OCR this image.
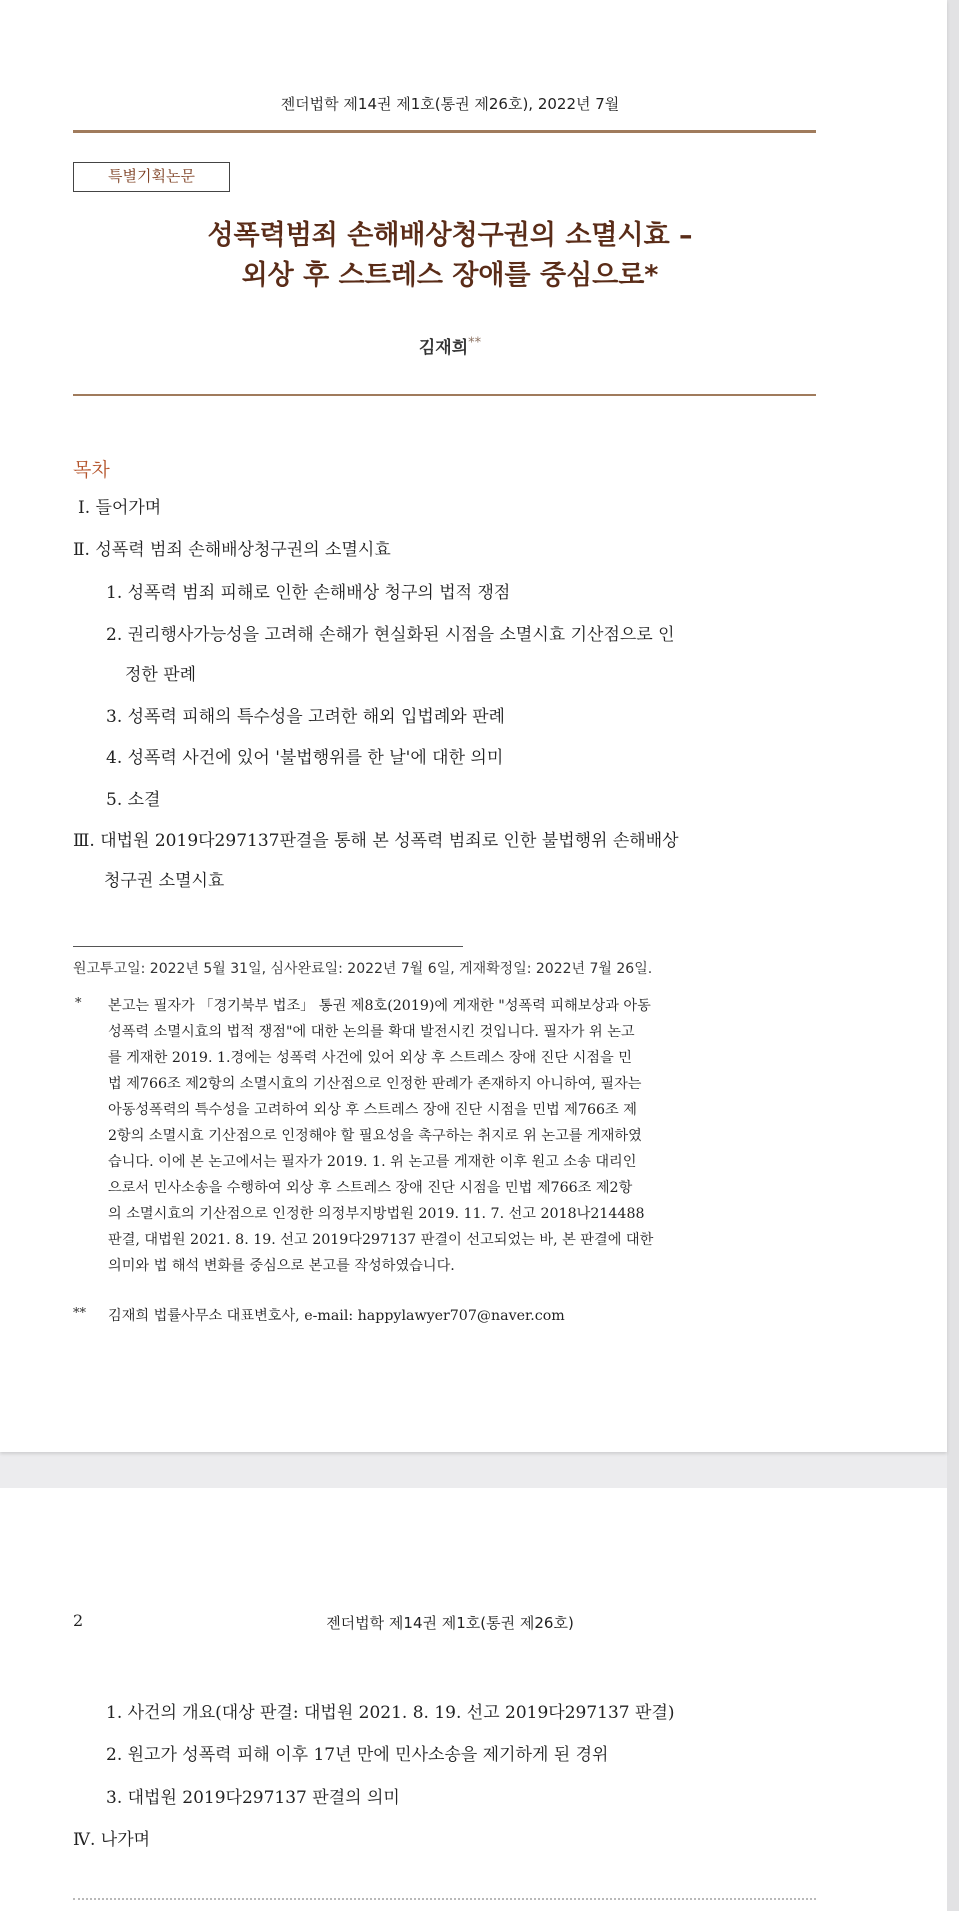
젠더법학 제14권 제1호(통권 제26호), 2022년 7월
특별기획논문
성폭력범죄 손해배상청구권의 소멸시효 –
외상 후 스트레스 장애를 중심으로*
김재희**
목차
Ⅰ. 들어가며
Ⅱ. 성폭력 범죄 손해배상청구권의 소멸시효
1. 성폭력 범죄 피해로 인한 손해배상 청구의 법적 쟁점
2. 권리행사가능성을 고려해 손해가 현실화된 시점을 소멸시효 기산점으로 인
정한 판례
3. 성폭력 피해의 특수성을 고려한 해외 입법례와 판례
4. 성폭력 사건에 있어 '불법행위를 한 날'에 대한 의미
5. 소결
Ⅲ. 대법원 2019다297137판결을 통해 본 성폭력 범죄로 인한 불법행위 손해배상
청구권 소멸시효
원고투고일: 2022년 5월 31일, 심사완료일: 2022년 7월 6일, 게재확정일: 2022년 7월 26일.
* 본고는 필자가 「경기북부 법조」 통권 제8호(2019)에 게재한 "성폭력 피해보상과 아동
성폭력 소멸시효의 법적 쟁점"에 대한 논의를 확대 발전시킨 것입니다. 필자가 위 논고
를 게재한 2019. 1.경에는 성폭력 사건에 있어 외상 후 스트레스 장애 진단 시점을 민
법 제766조 제2항의 소멸시효의 기산점으로 인정한 판례가 존재하지 아니하여, 필자는
아동성폭력의 특수성을 고려하여 외상 후 스트레스 장애 진단 시점을 민법 제766조 제
2항의 소멸시효 기산점으로 인정해야 할 필요성을 촉구하는 취지로 위 논고를 게재하였
습니다. 이에 본 논고에서는 필자가 2019. 1. 위 논고를 게재한 이후 원고 소송 대리인
으로서 민사소송을 수행하여 외상 후 스트레스 장애 진단 시점을 민법 제766조 제2항
의 소멸시효의 기산점으로 인정한 의정부지방법원 2019. 11. 7. 선고 2018나214488
판결, 대법원 2021. 8. 19. 선고 2019다297137 판결이 선고되었는 바, 본 판결에 대한
의미와 법 해석 변화를 중심으로 본고를 작성하였습니다.
** 김재희 법률사무소 대표변호사, e-mail: happylawyer707@naver.com
2	젠더법학 제14권 제1호(통권 제26호)
1. 사건의 개요(대상 판결: 대법원 2021. 8. 19. 선고 2019다297137 판결)
2. 원고가 성폭력 피해 이후 17년 만에 민사소송을 제기하게 된 경위
3. 대법원 2019다297137 판결의 의미
Ⅳ. 나가며
